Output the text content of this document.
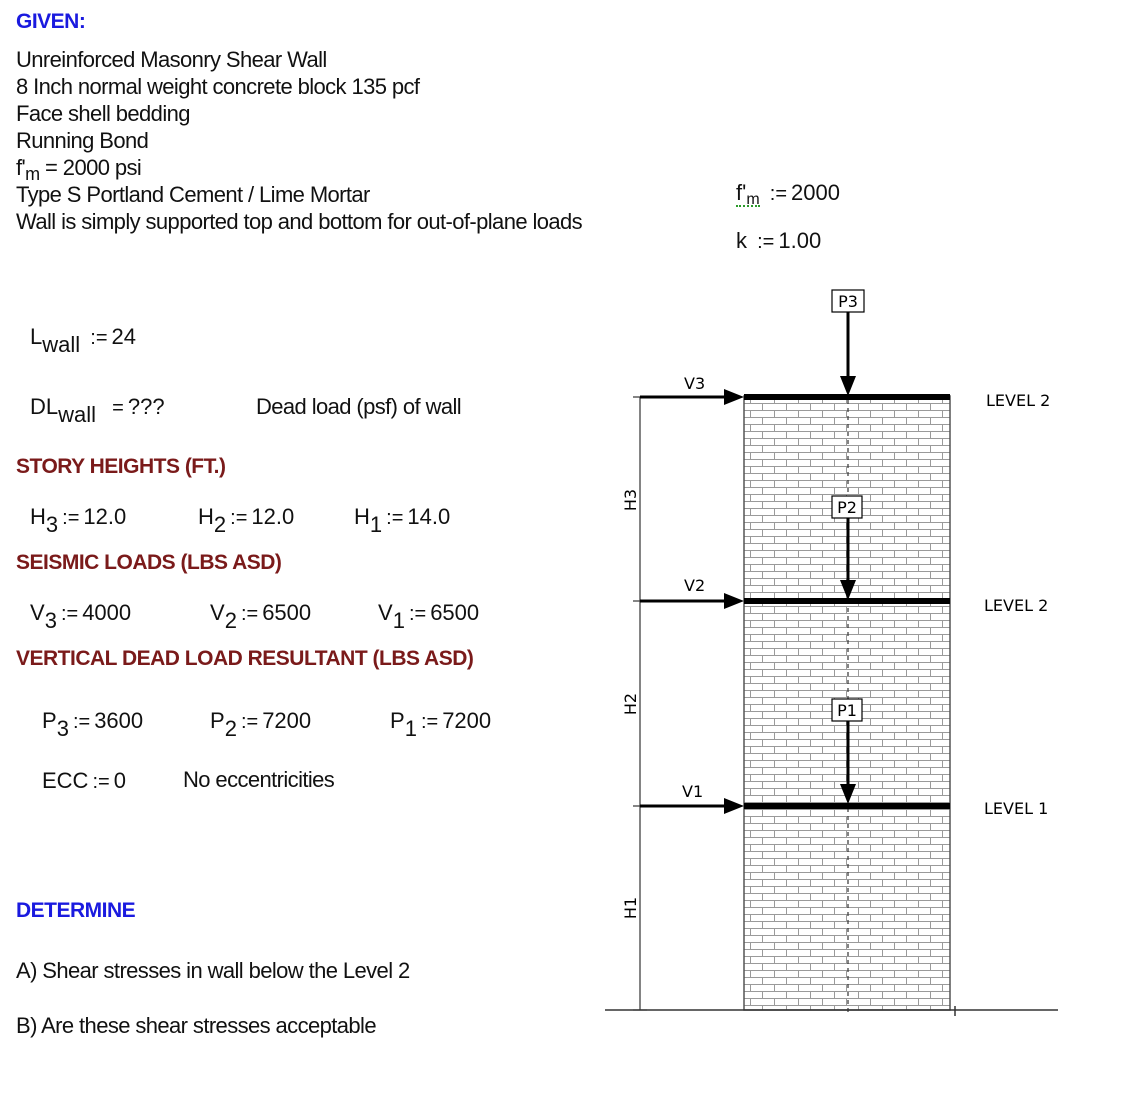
GIVEN:
Unreinforced Masonry Shear Wall
8 Inch normal weight concrete block 135 pcf
Face shell bedding
Running Bond
$f'_m = 2000$ psi
Type S Portland Cement / Lime Mortar
Wall is simply supported top and bottom for out-of-plane loads
$f'_m$ := 2000
k := 1.00
$L_{wall}$ := 24
$DL_{wall}$ = ???	Dead load (psf) of wall
STORY HEIGHTS (FT.)
$H_3$ := 12.0	$H_2$ := 12.0	$H_1$ := 14.0
SEISMIC LOADS (LBS ASD)
$V_3$ := 4000	$V_2$ := 6500	$V_1$ := 6500
VERTICAL DEAD LOAD RESULTANT (LBS ASD)
$P_3$ := 3600	$P_2$ := 7200	$P_1$ := 7200
ECC := 0	No eccentricities
DETERMINE
A) Shear stresses in wall below the Level 2
B) Are these shear stresses acceptable
H3
H2
H1
V3
V2
V1
P3
P2
P1
LEVEL 2
LEVEL 2
LEVEL 1
